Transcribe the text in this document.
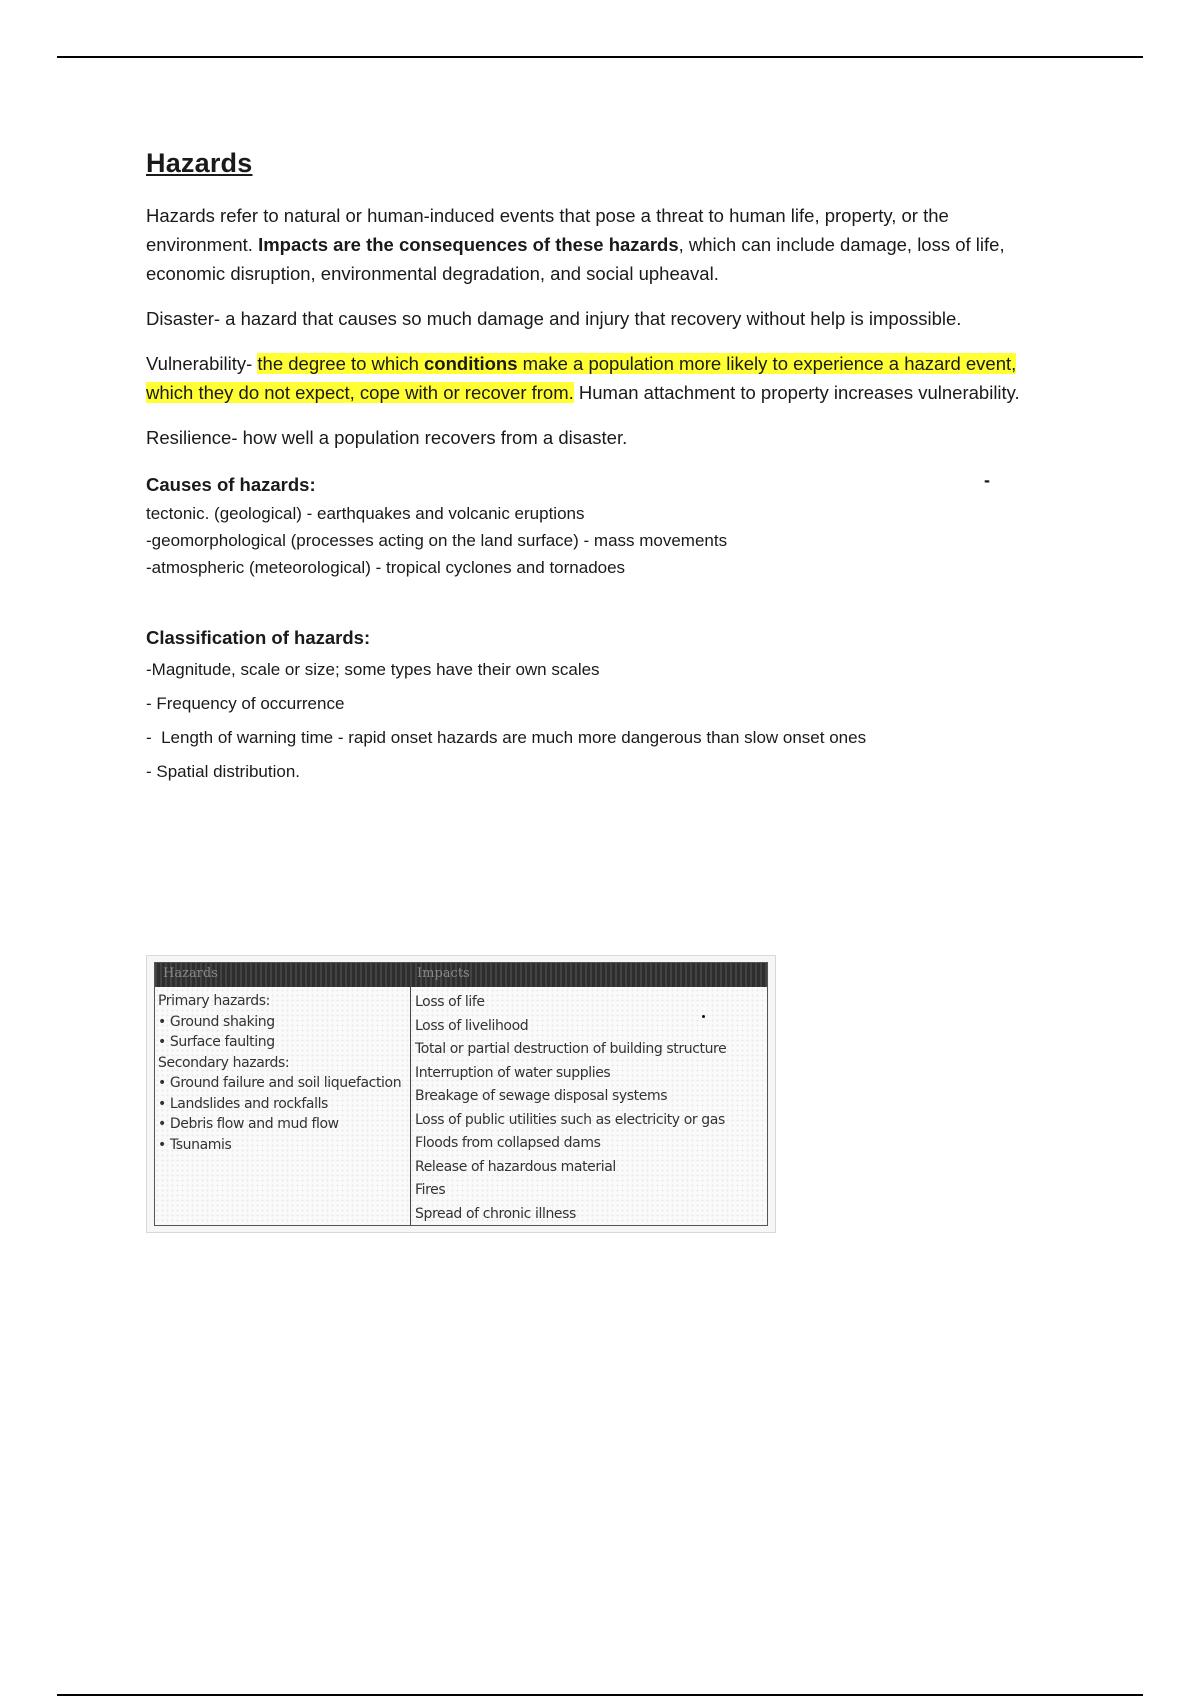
Hazards

Hazards refer to natural or human-induced events that pose a threat to human life, property, or the environment. Impacts are the consequences of these hazards, which can include damage, loss of life, economic disruption, environmental degradation, and social upheaval.

Disaster- a hazard that causes so much damage and injury that recovery without help is impossible.

Vulnerability- the degree to which conditions make a population more likely to experience a hazard event, which they do not expect, cope with or recover from. Human attachment to property increases vulnerability.

Resilience- how well a population recovers from a disaster.

Causes of hazards:	-
tectonic. (geological) - earthquakes and volcanic eruptions
-geomorphological (processes acting on the land surface) - mass movements
-atmospheric (meteorological) - tropical cyclones and tornadoes
Classification of hazards:
-Magnitude, scale or size; some types have their own scales
- Frequency of occurrence
-  Length of warning time - rapid onset hazards are much more dangerous than slow onset ones
- Spatial distribution.
Hazards	Impacts
Primary hazards:
• Ground shaking
• Surface faulting
Secondary hazards:
• Ground failure and soil liquefaction
• Landslides and rockfalls
• Debris flow and mud flow
• Tsunamis
Loss of life
Loss of livelihood
Total or partial destruction of building structure
Interruption of water supplies
Breakage of sewage disposal systems
Loss of public utilities such as electricity or gas
Floods from collapsed dams
Release of hazardous material
Fires
Spread of chronic illness
